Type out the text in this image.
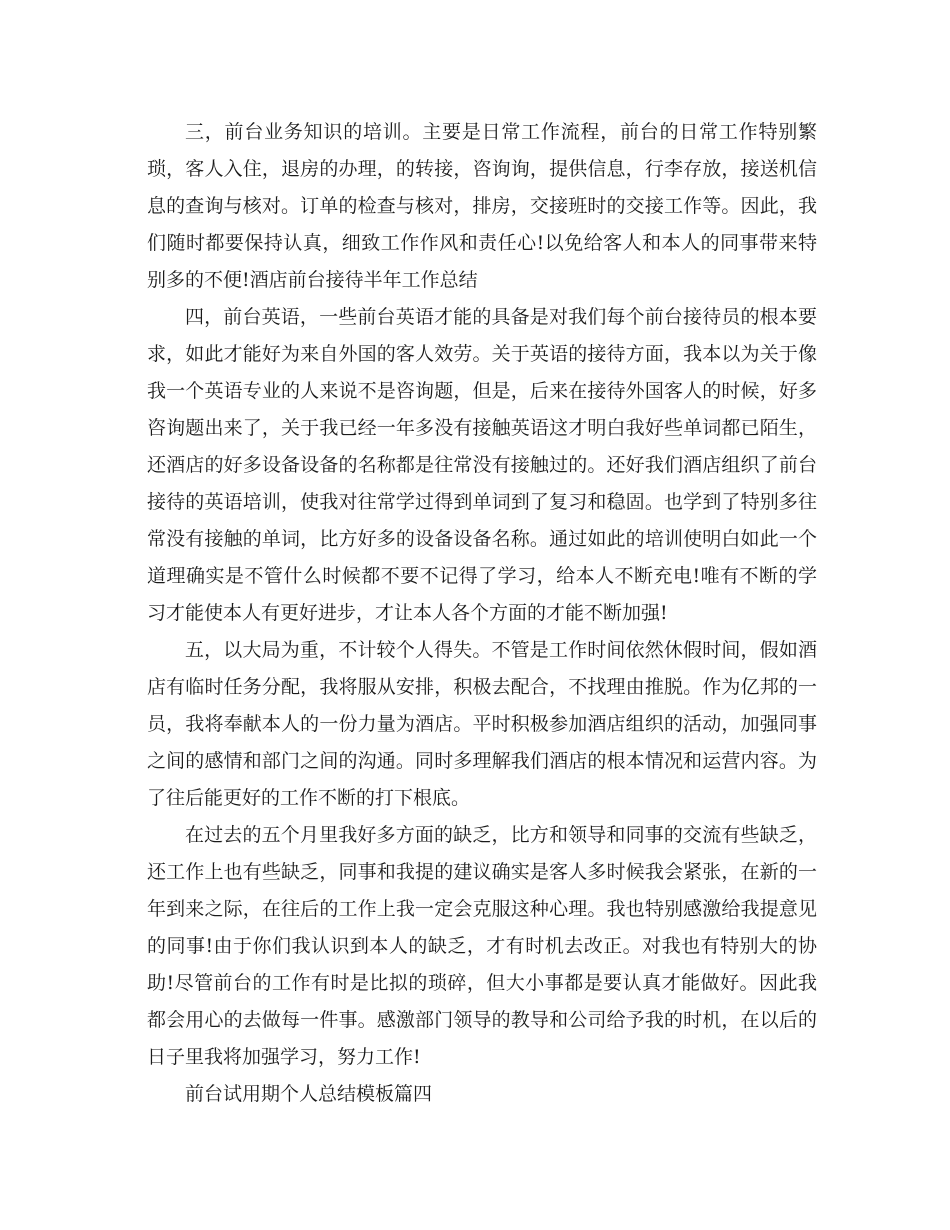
三，前台业务知识的培训。主要是日常工作流程，前台的日常工作特别繁琐，客人入住，退房的办理，的转接，咨询询，提供信息，行李存放，接送机信息的查询与核对。订单的检查与核对，排房，交接班时的交接工作等。因此，我们随时都要保持认真，细致工作作风和责任心!以免给客人和本人的同事带来特别多的不便!酒店前台接待半年工作总结

四，前台英语，一些前台英语才能的具备是对我们每个前台接待员的根本要求，如此才能好为来自外国的客人效劳。关于英语的接待方面，我本以为关于像我一个英语专业的人来说不是咨询题，但是，后来在接待外国客人的时候，好多咨询题出来了，关于我已经一年多没有接触英语这才明白我好些单词都已陌生，还酒店的好多设备设备的名称都是往常没有接触过的。还好我们酒店组织了前台接待的英语培训，使我对往常学过得到单词到了复习和稳固。也学到了特别多往常没有接触的单词，比方好多的设备设备名称。通过如此的培训使明白如此一个道理确实是不管什么时候都不要不记得了学习，给本人不断充电!唯有不断的学习才能使本人有更好进步，才让本人各个方面的才能不断加强!

五，以大局为重，不计较个人得失。不管是工作时间依然休假时间，假如酒店有临时任务分配，我将服从安排，积极去配合，不找理由推脱。作为亿邦的一员，我将奉献本人的一份力量为酒店。平时积极参加酒店组织的活动，加强同事之间的感情和部门之间的沟通。同时多理解我们酒店的根本情况和运营内容。为了往后能更好的工作不断的打下根底。

在过去的五个月里我好多方面的缺乏，比方和领导和同事的交流有些缺乏，还工作上也有些缺乏，同事和我提的建议确实是客人多时候我会紧张，在新的一年到来之际，在往后的工作上我一定会克服这种心理。我也特别感激给我提意见的同事!由于你们我认识到本人的缺乏，才有时机去改正。对我也有特别大的协助!尽管前台的工作有时是比拟的琐碎，但大小事都是要认真才能做好。因此我都会用心的去做每一件事。感激部门领导的教导和公司给予我的时机，在以后的日子里我将加强学习，努力工作!

前台试用期个人总结模板篇四
